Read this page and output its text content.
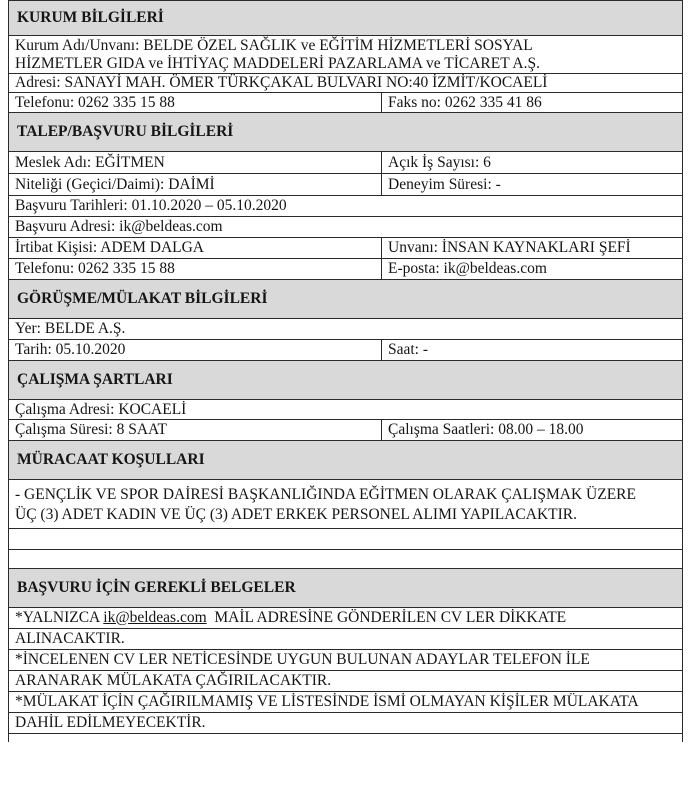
KURUM BİLGİLERİ
Kurum Adı/Unvanı: BELDE ÖZEL SAĞLIK ve EĞİTİM HİZMETLERİ SOSYAL
HİZMETLER GIDA ve İHTİYAÇ MADDELERİ PAZARLAMA ve TİCARET A.Ş.
Adresi: SANAYİ MAH. ÖMER TÜRKÇAKAL BULVARI NO:40 İZMİT/KOCAELİ
Telefonu: 0262 335 15 88	Faks no: 0262 335 41 86
TALEP/BAŞVURU BİLGİLERİ
Meslek Adı: EĞİTMEN	Açık İş Sayısı: 6
Niteliği (Geçici/Daimi): DAİMİ	Deneyim Süresi: -
Başvuru Tarihleri: 01.10.2020 – 05.10.2020
Başvuru Adresi: ik@beldeas.com
İrtibat Kişisi: ADEM DALGA	Unvanı: İNSAN KAYNAKLARI ŞEFİ
Telefonu: 0262 335 15 88	E-posta: ik@beldeas.com
GÖRÜŞME/MÜLAKAT BİLGİLERİ
Yer: BELDE A.Ş.
Tarih: 05.10.2020	Saat: -
ÇALIŞMA ŞARTLARI
Çalışma Adresi: KOCAELİ
Çalışma Süresi: 8 SAAT	Çalışma Saatleri: 08.00 – 18.00
MÜRACAAT KOŞULLARI
- GENÇLİK VE SPOR DAİRESİ BAŞKANLIĞINDA EĞİTMEN OLARAK ÇALIŞMAK ÜZERE
ÜÇ (3) ADET KADIN VE ÜÇ (3) ADET ERKEK PERSONEL ALIMI YAPILACAKTIR.
BAŞVURU İÇİN GEREKLİ BELGELER
*YALNIZCA ik@beldeas.com  MAİL ADRESİNE GÖNDERİLEN CV LER DİKKATE
ALINACAKTIR.
*İNCELENEN CV LER NETİCESİNDE UYGUN BULUNAN ADAYLAR TELEFON İLE
ARANARAK MÜLAKATA ÇAĞIRILACAKTIR.
*MÜLAKAT İÇİN ÇAĞIRILMAMIŞ VE LİSTESİNDE İSMİ OLMAYAN KİŞİLER MÜLAKATA
DAHİL EDİLMEYECEKTİR.
